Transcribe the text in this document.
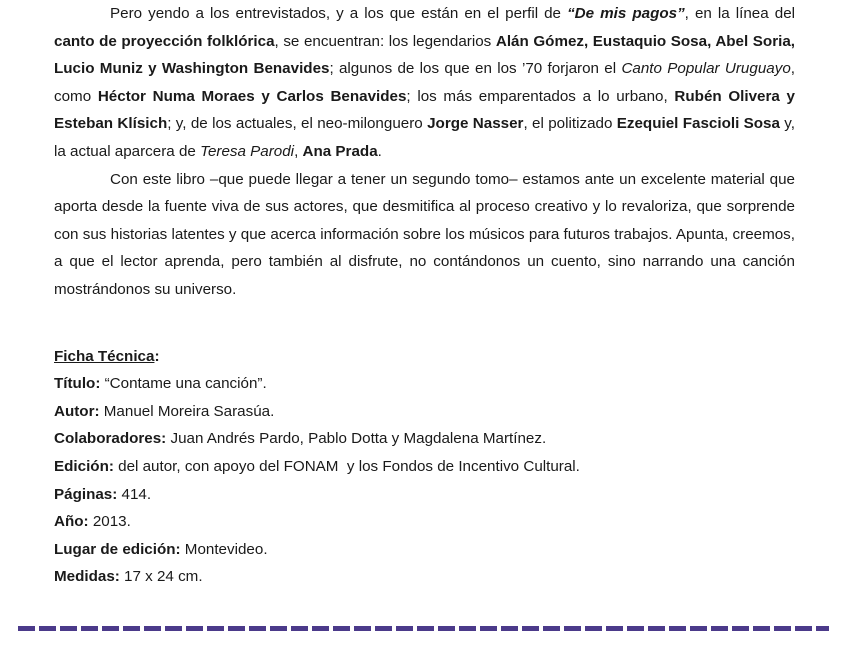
Pero yendo a los entrevistados, y a los que están en el perfil de “De mis pagos”, en la línea del canto de proyección folklórica, se encuentran: los legendarios Alán Gómez, Eustaquio Sosa, Abel Soria, Lucio Muniz y Washington Benavides; algunos de los que en los ’70 forjaron el Canto Popular Uruguayo, como Héctor Numa Moraes y Carlos Benavides; los más emparentados a lo urbano, Rubén Olivera y Esteban Klísich; y, de los actuales, el neo-milonguero Jorge Nasser, el politizado Ezequiel Fascioli Sosa y, la actual aparcera de Teresa Parodi, Ana Prada.

Con este libro –que puede llegar a tener un segundo tomo– estamos ante un excelente material que aporta desde la fuente viva de sus actores, que desmitifica al proceso creativo y lo revaloriza, que sorprende con sus historias latentes y que acerca información sobre los músicos para futuros trabajos. Apunta, creemos, a que el lector aprenda, pero también al disfrute, no contándonos un cuento, sino narrando una canción mostrándonos su universo.

Ficha Técnica:
Título: “Contame una canción”.
Autor: Manuel Moreira Sarasúa.
Colaboradores: Juan Andrés Pardo, Pablo Dotta y Magdalena Martínez.
Edición: del autor, con apoyo del FONAM  y los Fondos de Incentivo Cultural.
Páginas: 414.
Año: 2013.
Lugar de edición: Montevideo.
Medidas: 17 x 24 cm.
